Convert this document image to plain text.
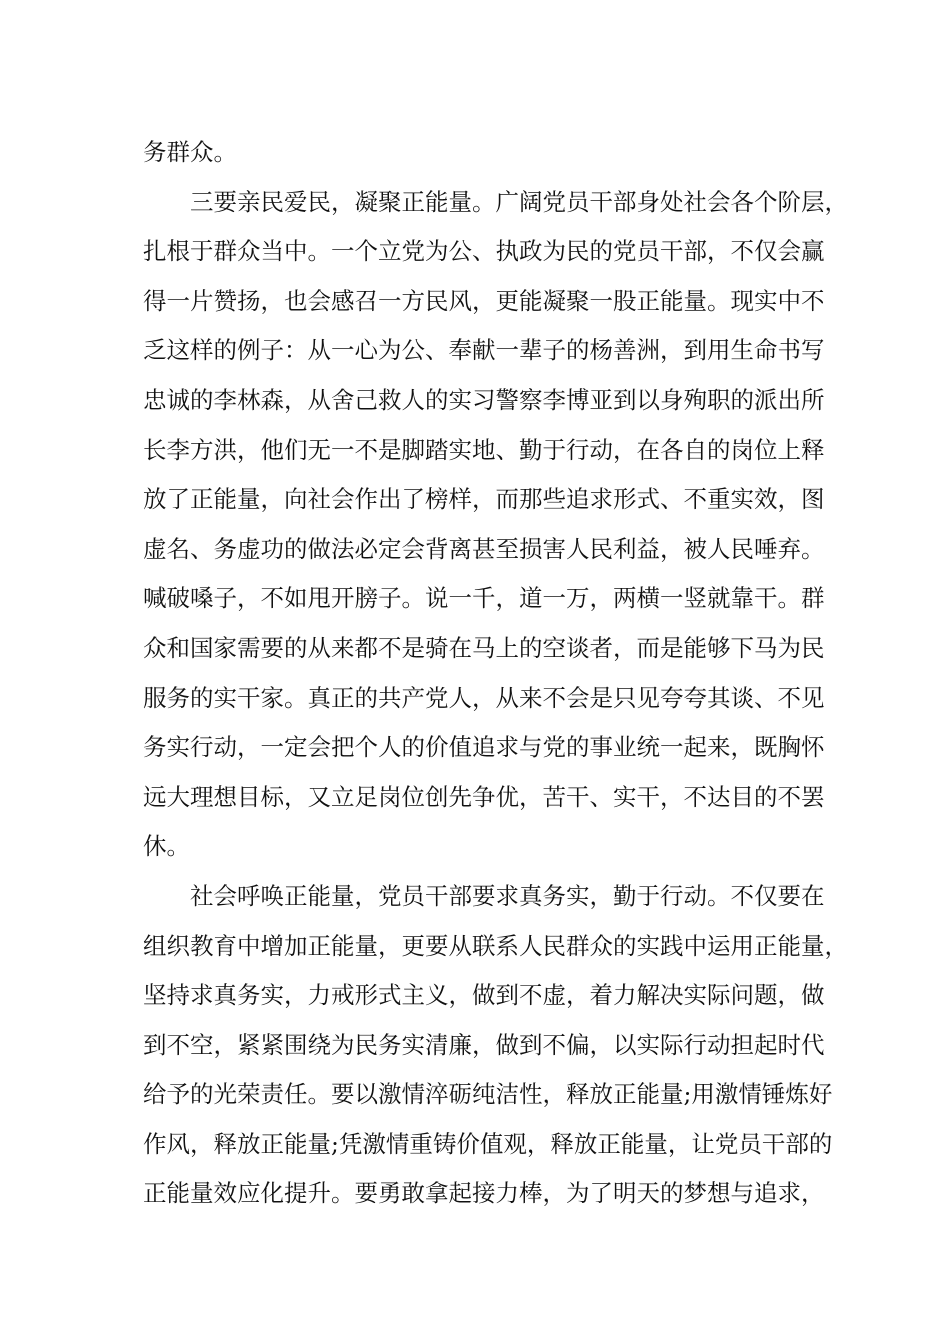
务群众。
三要亲民爱民，凝聚正能量。广阔党员干部身处社会各个阶层，
扎根于群众当中。一个立党为公、执政为民的党员干部，不仅会赢
得一片赞扬，也会感召一方民风，更能凝聚一股正能量。现实中不
乏这样的例子：从一心为公、奉献一辈子的杨善洲，到用生命书写
忠诚的李林森，从舍己救人的实习警察李博亚到以身殉职的派出所
长李方洪，他们无一不是脚踏实地、勤于行动，在各自的岗位上释
放了正能量，向社会作出了榜样，而那些追求形式、不重实效，图
虚名、务虚功的做法必定会背离甚至损害人民利益，被人民唾弃。
喊破嗓子，不如甩开膀子。说一千，道一万，两横一竖就靠干。群
众和国家需要的从来都不是骑在马上的空谈者，而是能够下马为民
服务的实干家。真正的共产党人，从来不会是只见夸夸其谈、不见
务实行动，一定会把个人的价值追求与党的事业统一起来，既胸怀
远大理想目标，又立足岗位创先争优，苦干、实干，不达目的不罢
休。
社会呼唤正能量，党员干部要求真务实，勤于行动。不仅要在
组织教育中增加正能量，更要从联系人民群众的实践中运用正能量，
坚持求真务实，力戒形式主义，做到不虚，着力解决实际问题，做
到不空，紧紧围绕为民务实清廉，做到不偏，以实际行动担起时代
给予的光荣责任。要以激情淬砺纯洁性，释放正能量;用激情锤炼好
作风，释放正能量;凭激情重铸价值观，释放正能量，让党员干部的
正能量效应化提升。要勇敢拿起接力棒，为了明天的梦想与追求，
